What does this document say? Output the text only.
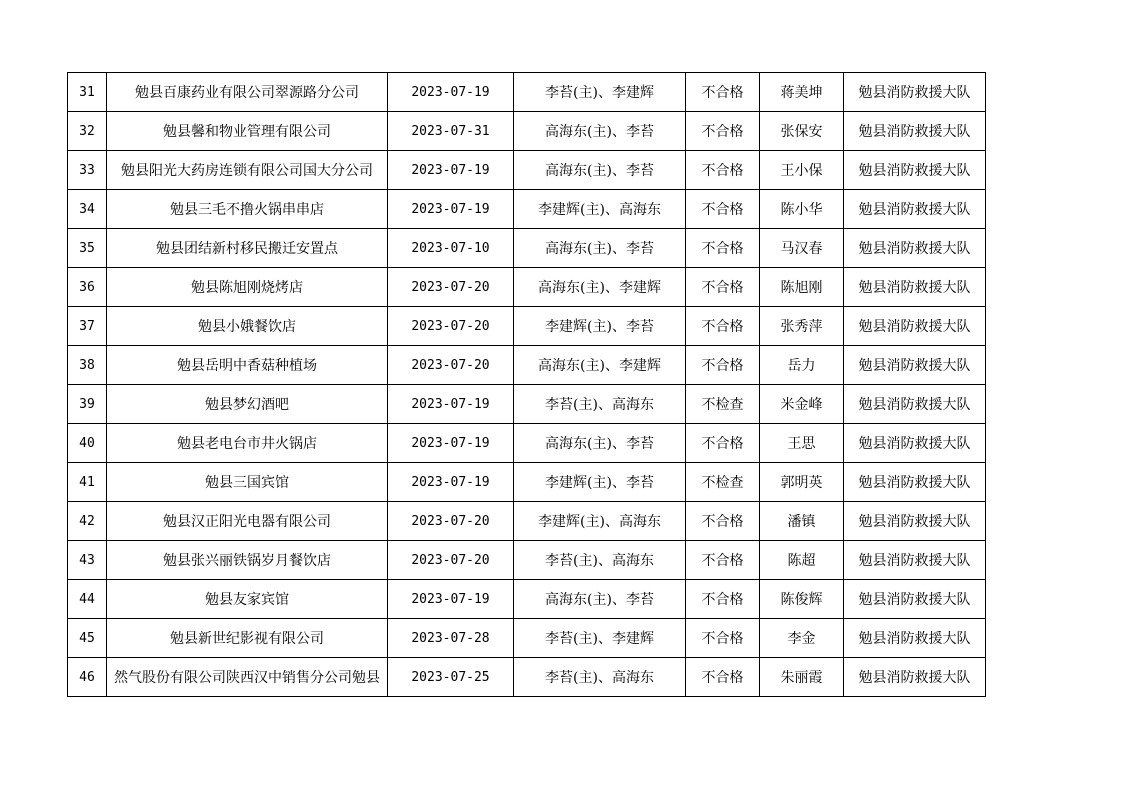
31	勉县百康药业有限公司翠源路分公司	2023-07-19	李苔(主)、李建辉	不合格	蒋美坤	勉县消防救援大队
32	勉县馨和物业管理有限公司	2023-07-31	高海东(主)、李苔	不合格	张保安	勉县消防救援大队
33	勉县阳光大药房连锁有限公司国大分公司	2023-07-19	高海东(主)、李苔	不合格	王小保	勉县消防救援大队
34	勉县三毛不撸火锅串串店	2023-07-19	李建辉(主)、高海东	不合格	陈小华	勉县消防救援大队
35	勉县团结新村移民搬迁安置点	2023-07-10	高海东(主)、李苔	不合格	马汉春	勉县消防救援大队
36	勉县陈旭刚烧烤店	2023-07-20	高海东(主)、李建辉	不合格	陈旭刚	勉县消防救援大队
37	勉县小娥餐饮店	2023-07-20	李建辉(主)、李苔	不合格	张秀萍	勉县消防救援大队
38	勉县岳明中香菇种植场	2023-07-20	高海东(主)、李建辉	不合格	岳力	勉县消防救援大队
39	勉县梦幻酒吧	2023-07-19	李苔(主)、高海东	不检查	米金峰	勉县消防救援大队
40	勉县老电台市井火锅店	2023-07-19	高海东(主)、李苔	不合格	王思	勉县消防救援大队
41	勉县三国宾馆	2023-07-19	李建辉(主)、李苔	不检查	郭明英	勉县消防救援大队
42	勉县汉正阳光电器有限公司	2023-07-20	李建辉(主)、高海东	不合格	潘镇	勉县消防救援大队
43	勉县张兴丽铁锅岁月餐饮店	2023-07-20	李苔(主)、高海东	不合格	陈超	勉县消防救援大队
44	勉县友家宾馆	2023-07-19	高海东(主)、李苔	不合格	陈俊辉	勉县消防救援大队
45	勉县新世纪影视有限公司	2023-07-28	李苔(主)、李建辉	不合格	李金	勉县消防救援大队
46	然气股份有限公司陕西汉中销售分公司勉县	2023-07-25	李苔(主)、高海东	不合格	朱丽霞	勉县消防救援大队
